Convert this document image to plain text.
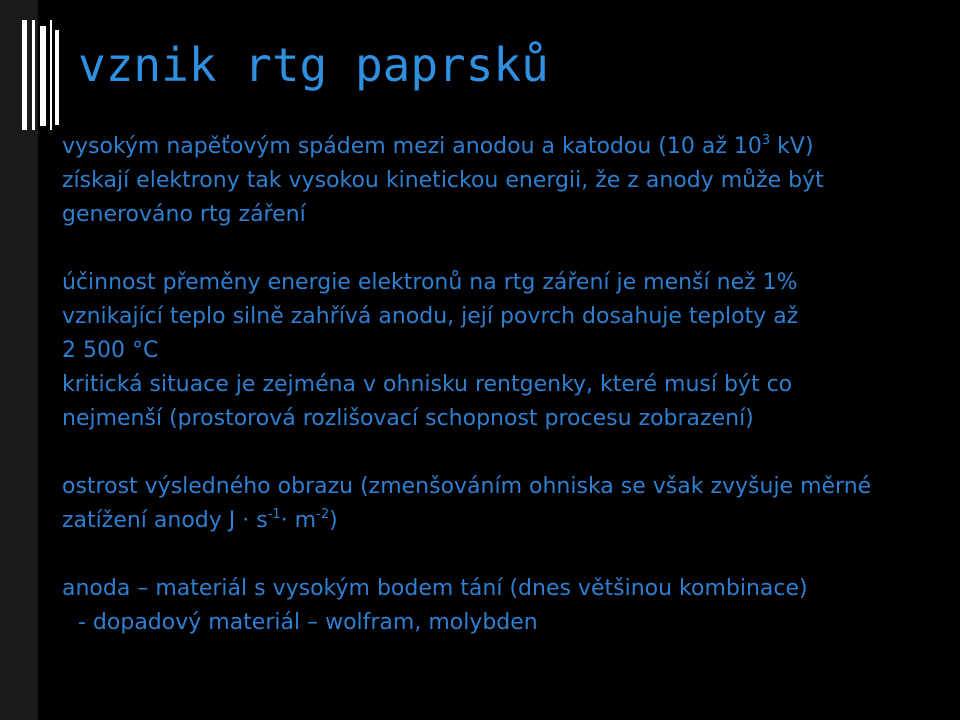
vznik rtg paprsků
vysokým napěťovým spádem mezi anodou a katodou (10 až $10^3$ kV)
získají elektrony tak vysokou kinetickou energii, že z anody může být
generováno rtg záření
účinnost přeměny energie elektronů na rtg záření je menší než 1%
vznikající teplo silně zahřívá anodu, její povrch dosahuje teploty až
2 500 °C
kritická situace je zejména v ohnisku rentgenky, které musí být co
nejmenší (prostorová rozlišovací schopnost procesu zobrazení)
ostrost výsledného obrazu (zmenšováním ohniska se však zvyšuje měrné
zatížení anody $J \cdot s^{-1}\cdot m^{-2}$)
anoda – materiál s vysokým bodem tání (dnes většinou kombinace)
- dopadový materiál – wolfram, molybden
